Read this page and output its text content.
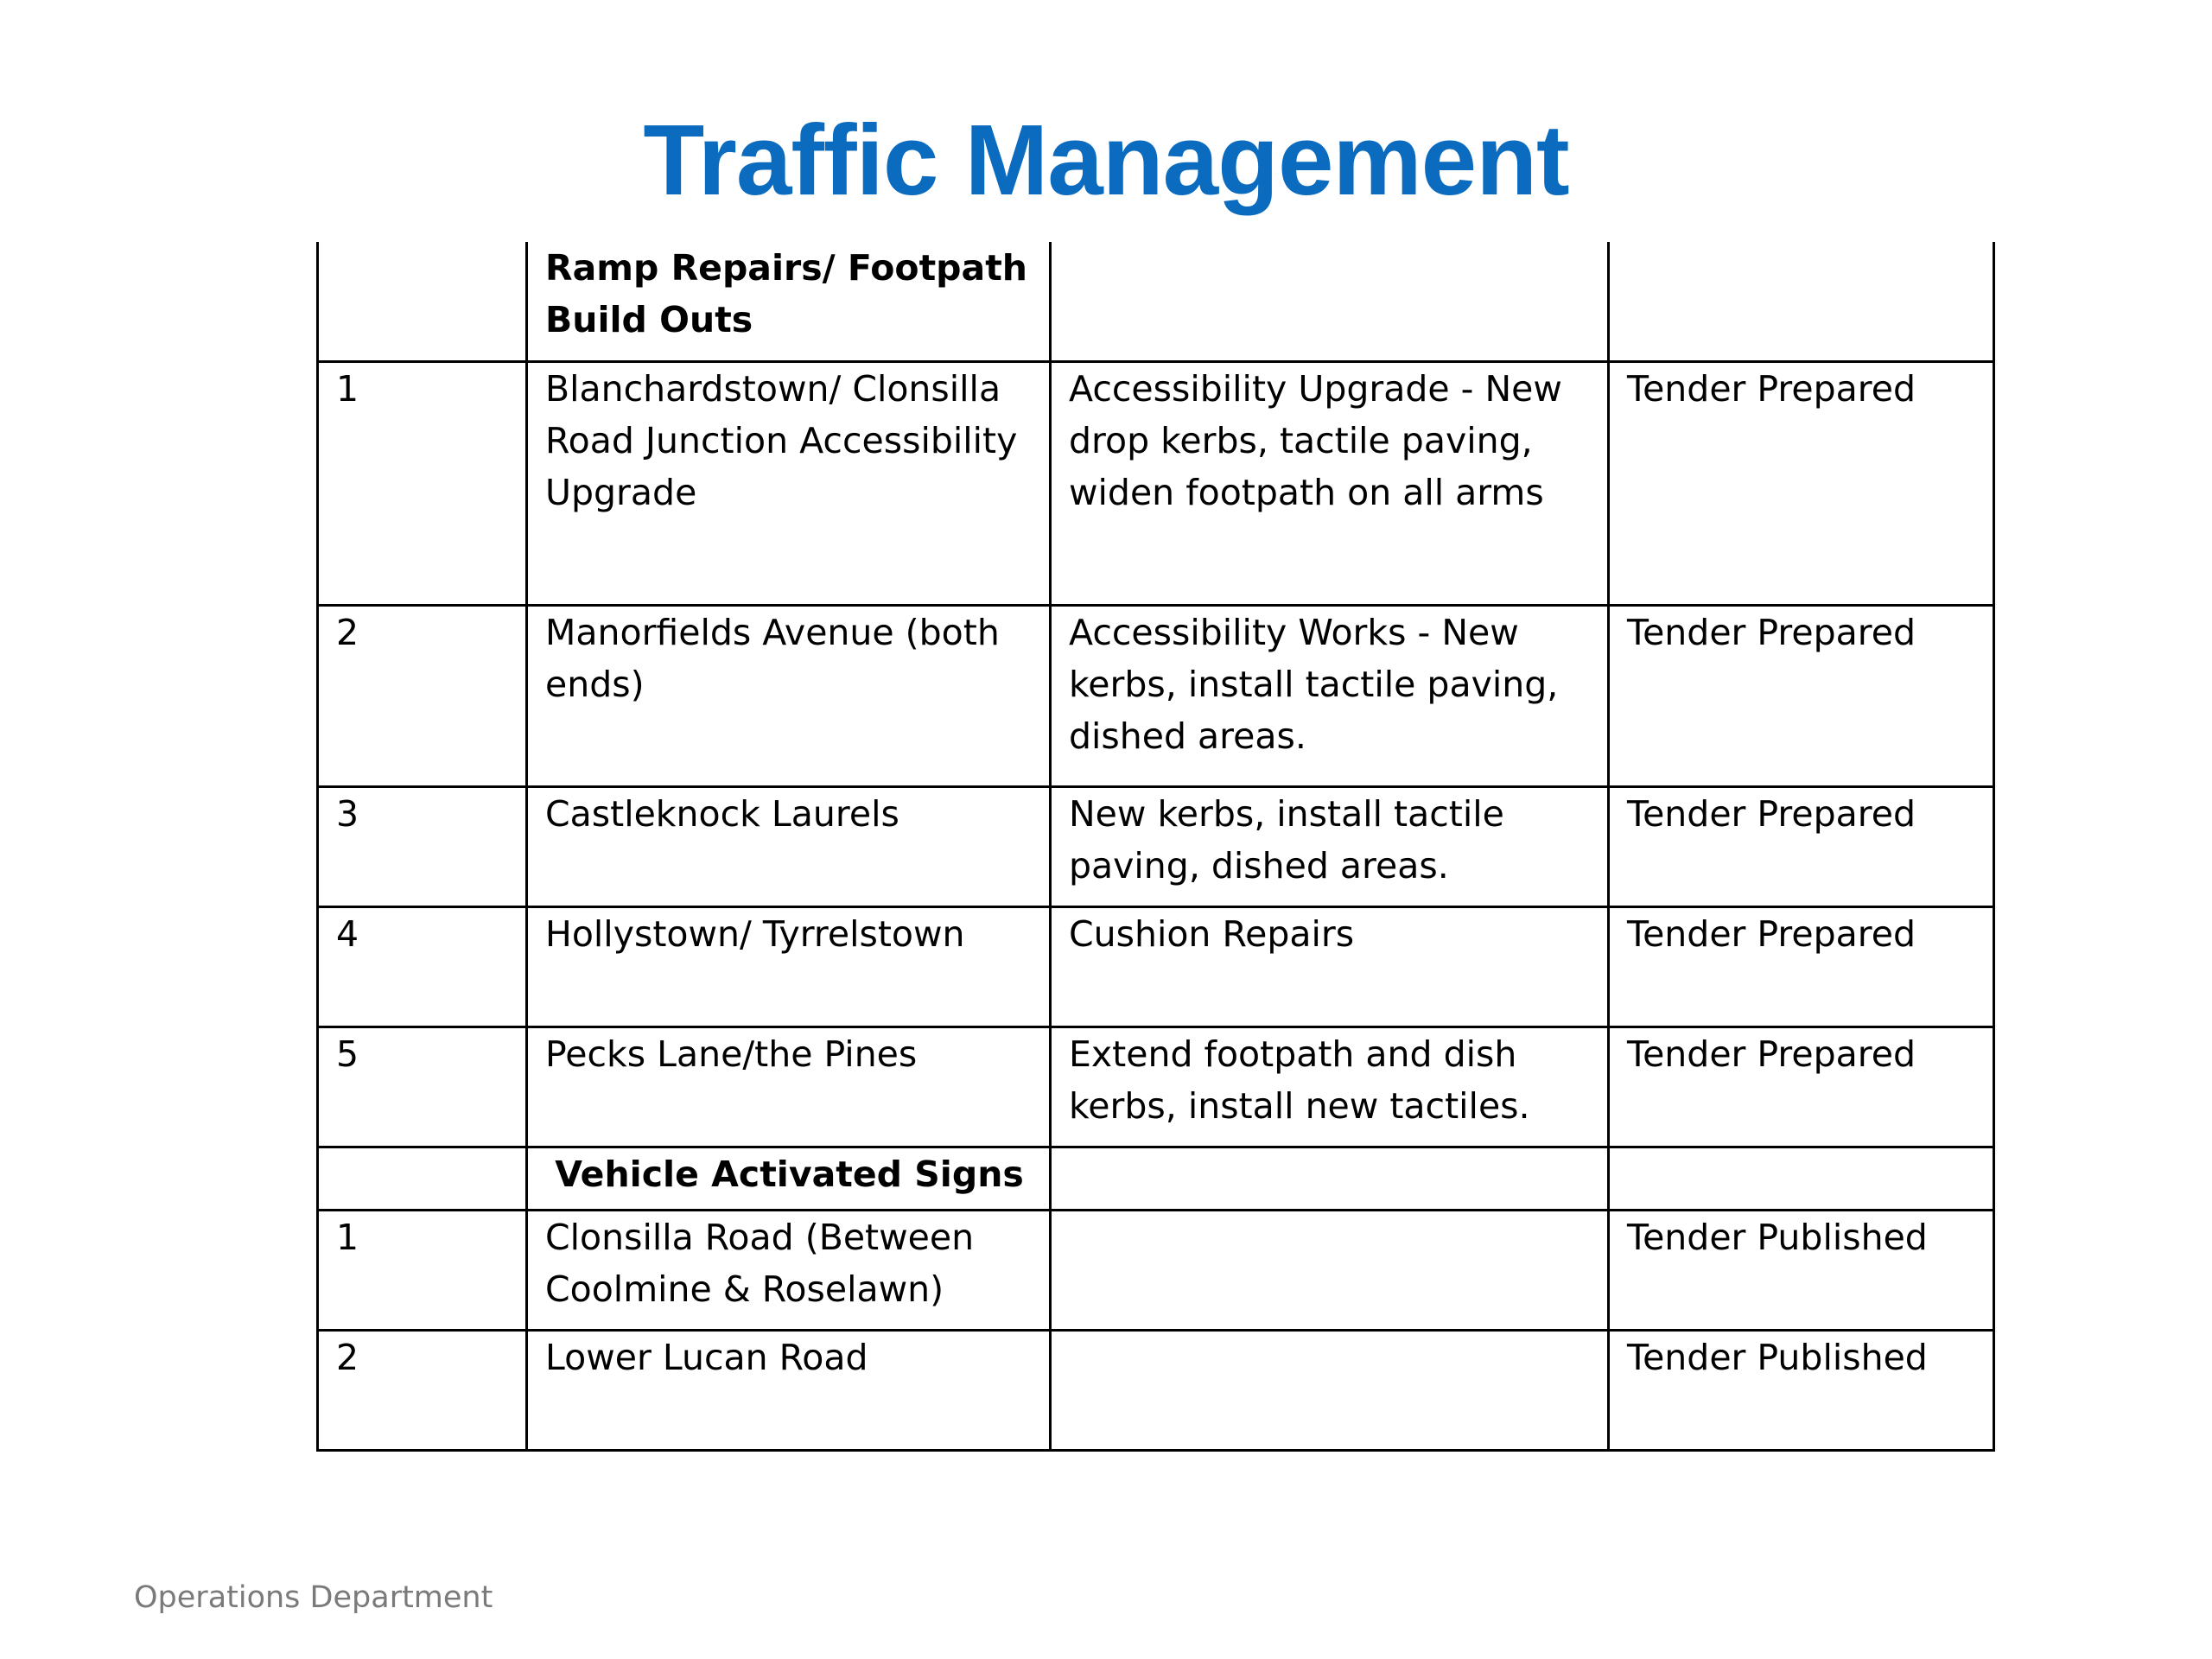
Traffic Management
	Ramp Repairs/ Footpath Build Outs		
1	Blanchardstown/ Clonsilla Road Junction Accessibility Upgrade	Accessibility Upgrade - New drop kerbs, tactile paving, widen footpath on all arms	Tender Prepared
2	Manorfields Avenue (both ends)	Accessibility Works - New kerbs, install tactile paving, dished areas.	Tender Prepared
3	Castleknock Laurels	New kerbs, install tactile paving, dished areas.	Tender Prepared
4	Hollystown/ Tyrrelstown	Cushion Repairs	Tender Prepared
5	Pecks Lane/the Pines	Extend footpath and dish kerbs, install new tactiles.	Tender Prepared

	Vehicle Activated Signs		

1	Clonsilla Road (Between Coolmine & Roselawn)		Tender Published
2	Lower Lucan Road		Tender Published
Operations Department
